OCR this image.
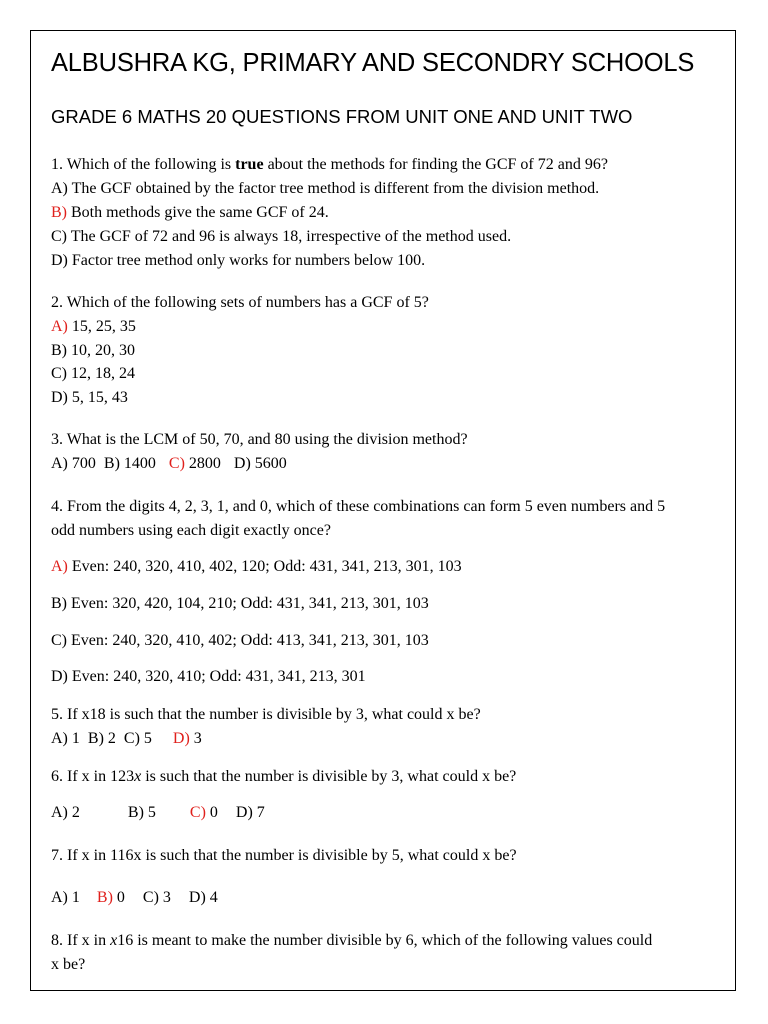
ALBUSHRA KG, PRIMARY AND SECONDRY SCHOOLS
GRADE 6 MATHS 20 QUESTIONS FROM UNIT ONE AND UNIT TWO
1. Which of the following is true about the methods for finding the GCF of 72 and 96?
A) The GCF obtained by the factor tree method is different from the division method.
B) Both methods give the same GCF of 24.
C) The GCF of 72 and 96 is always 18, irrespective of the method used.
D) Factor tree method only works for numbers below 100.
2. Which of the following sets of numbers has a GCF of 5?
A) 15, 25, 35
B) 10, 20, 30
C) 12, 18, 24
D) 5, 15, 43
3. What is the LCM of 50, 70, and 80 using the division method?
A) 700 B) 1400 C) 2800 D) 5600
4. From the digits 4, 2, 3, 1, and 0, which of these combinations can form 5 even numbers and 5
odd numbers using each digit exactly once?
A) Even: 240, 320, 410, 402, 120; Odd: 431, 341, 213, 301, 103
B) Even: 320, 420, 104, 210; Odd: 431, 341, 213, 301, 103
C) Even: 240, 320, 410, 402; Odd: 413, 341, 213, 301, 103
D) Even: 240, 320, 410; Odd: 431, 341, 213, 301
5. If x18 is such that the number is divisible by 3, what could x be?
A) 1 B) 2 C) 5 D) 3
6. If x in 123x is such that the number is divisible by 3, what could x be?
A) 2	B) 5 C) 0 D) 7
7. If x in 116x is such that the number is divisible by 5, what could x be?
A) 1 B) 0 C) 3 D) 4
8. If x in x16 is meant to make the number divisible by 6, which of the following values could
x be?
